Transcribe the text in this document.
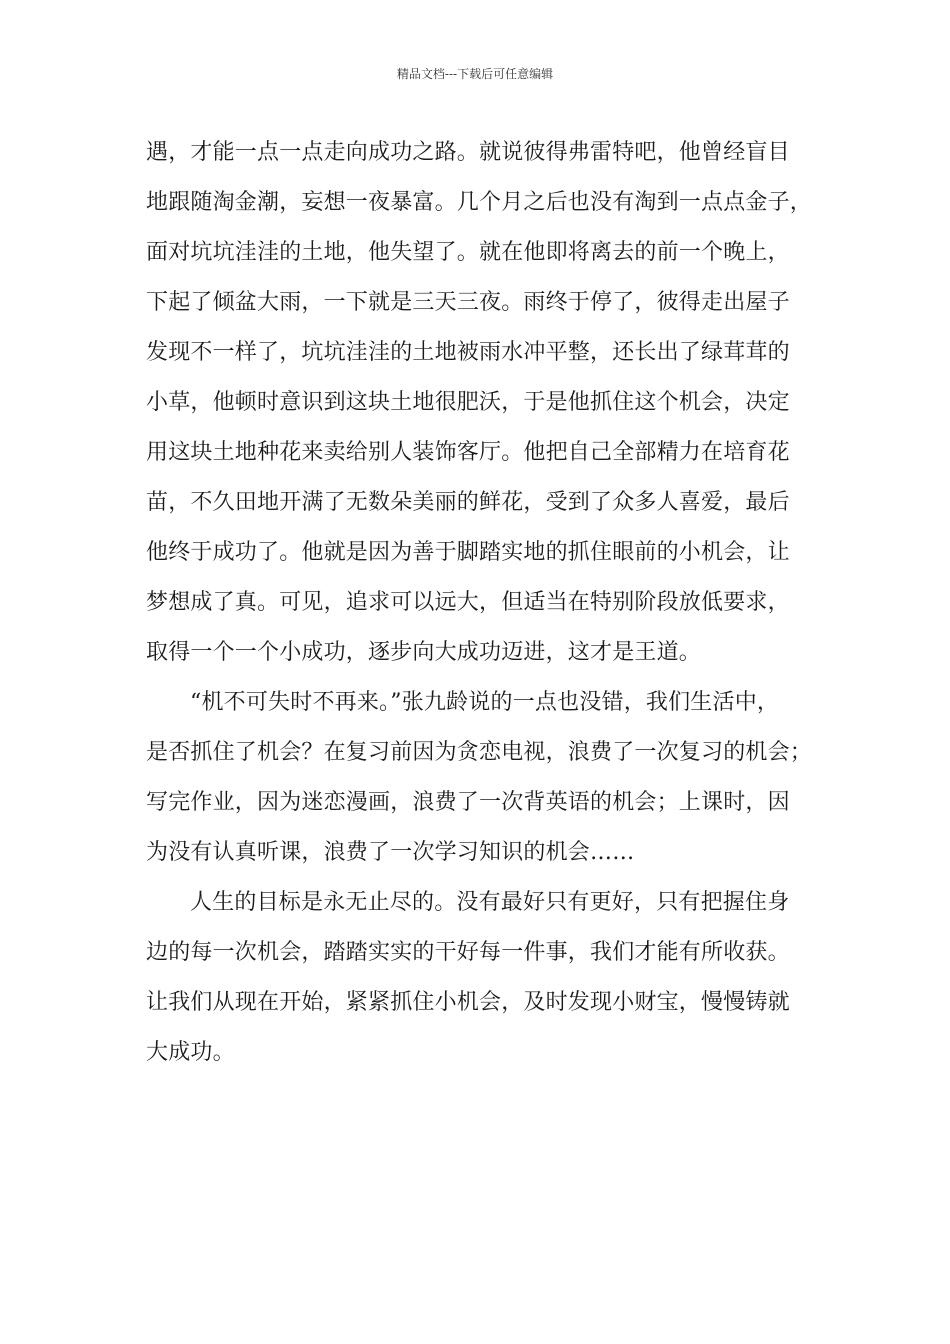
精品文档---下载后可任意编辑
遇，才能一点一点走向成功之路。就说彼得弗雷特吧，他曾经盲目
地跟随淘金潮，妄想一夜暴富。几个月之后也没有淘到一点点金子，
面对坑坑洼洼的土地，他失望了。就在他即将离去的前一个晚上，
下起了倾盆大雨，一下就是三天三夜。雨终于停了，彼得走出屋子
发现不一样了，坑坑洼洼的土地被雨水冲平整，还长出了绿茸茸的
小草，他顿时意识到这块土地很肥沃，于是他抓住这个机会，决定
用这块土地种花来卖给别人装饰客厅。他把自己全部精力在培育花
苗，不久田地开满了无数朵美丽的鲜花，受到了众多人喜爱，最后
他终于成功了。他就是因为善于脚踏实地的抓住眼前的小机会，让
梦想成了真。可见，追求可以远大，但适当在特别阶段放低要求，
取得一个一个小成功，逐步向大成功迈进，这才是王道。
“机不可失时不再来。”张九龄说的一点也没错，我们生活中，
是否抓住了机会？在复习前因为贪恋电视，浪费了一次复习的机会；
写完作业，因为迷恋漫画，浪费了一次背英语的机会；上课时，因
为没有认真听课，浪费了一次学习知识的机会……
人生的目标是永无止尽的。没有最好只有更好，只有把握住身
边的每一次机会，踏踏实实的干好每一件事，我们才能有所收获。
让我们从现在开始，紧紧抓住小机会，及时发现小财宝，慢慢铸就
大成功。
